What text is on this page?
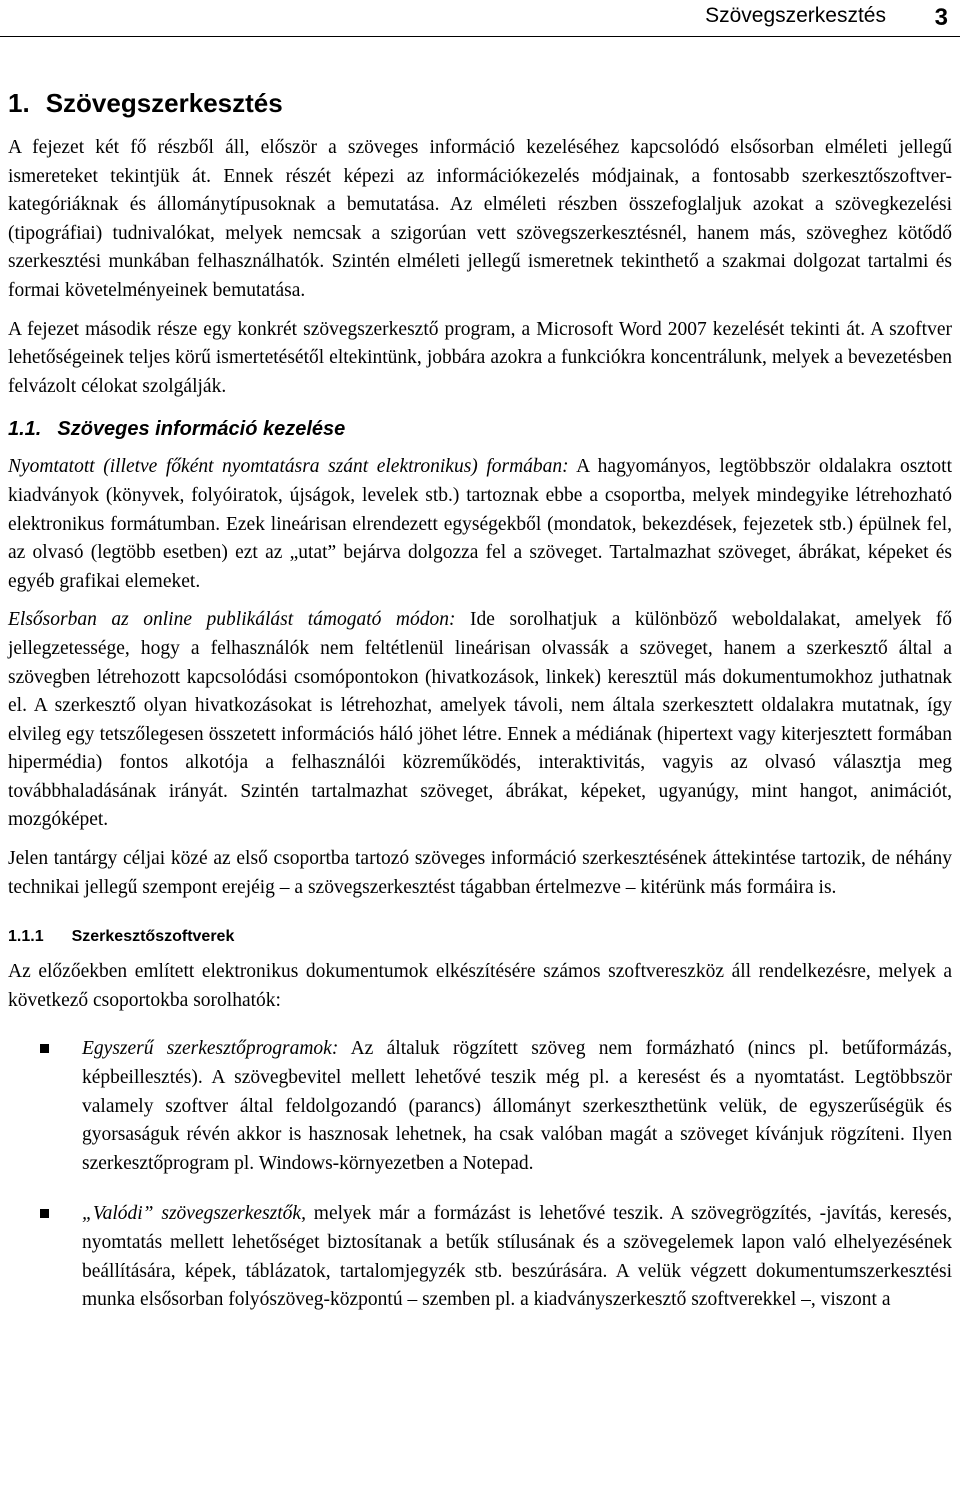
Szövegszerkesztés 3
1. Szövegszerkesztés

A fejezet két fő részből áll, először a szöveges információ kezeléséhez kapcsolódó elsősorban elméleti jellegű ismereteket tekintjük át. Ennek részét képezi az információkezelés módjainak, a fontosabb szerkesztőszoftver-kategóriáknak és állománytípusoknak a bemutatása. Az elméleti részben összefoglaljuk azokat a szövegkezelési (tipográfiai) tudnivalókat, melyek nemcsak a szigorúan vett szövegszerkesztésnél, hanem más, szöveghez kötődő szerkesztési munkában felhasználhatók. Szintén elméleti jellegű ismeretnek tekinthető a szakmai dolgozat tartalmi és formai követelményeinek bemutatása.

A fejezet második része egy konkrét szövegszerkesztő program, a Microsoft Word 2007 kezelését tekinti át. A szoftver lehetőségeinek teljes körű ismertetésétől eltekintünk, jobbára azokra a funkciókra koncentrálunk, melyek a bevezetésben felvázolt célokat szolgálják.

1.1. Szöveges információ kezelése

Nyomtatott (illetve főként nyomtatásra szánt elektronikus) formában: A hagyományos, legtöbbször oldalakra osztott kiadványok (könyvek, folyóiratok, újságok, levelek stb.) tartoznak ebbe a csoportba, melyek mindegyike létrehozható elektronikus formátumban. Ezek lineárisan elrendezett egységekből (mondatok, bekezdések, fejezetek stb.) épülnek fel, az olvasó (legtöbb esetben) ezt az „utat” bejárva dolgozza fel a szöveget. Tartalmazhat szöveget, ábrákat, képeket és egyéb grafikai elemeket.

Elsősorban az online publikálást támogató módon: Ide sorolhatjuk a különböző weboldalakat, amelyek fő jellegzetessége, hogy a felhasználók nem feltétlenül lineárisan olvassák a szöveget, hanem a szerkesztő által a szövegben létrehozott kapcsolódási csomópontokon (hivatkozások, linkek) keresztül más dokumentumokhoz juthatnak el. A szerkesztő olyan hivatkozásokat is létrehozhat, amelyek távoli, nem általa szerkesztett oldalakra mutatnak, így elvileg egy tetszőlegesen összetett információs háló jöhet létre. Ennek a médiának (hipertext vagy kiterjesztett formában hipermédia) fontos alkotója a felhasználói közreműködés, interaktivitás, vagyis az olvasó választja meg továbbhaladásának irányát. Szintén tartalmazhat szöveget, ábrákat, képeket, ugyanúgy, mint hangot, animációt, mozgóképet.

Jelen tantárgy céljai közé az első csoportba tartozó szöveges információ szerkesztésének áttekintése tartozik, de néhány technikai jellegű szempont erejéig – a szövegszerkesztést tágabban értelmezve – kitérünk más formáira is.

1.1.1 Szerkesztőszoftverek

Az előzőekben említett elektronikus dokumentumok elkészítésére számos szoftvereszköz áll rendelkezésre, melyek a következő csoportokba sorolhatók:

Egyszerű szerkesztőprogramok: Az általuk rögzített szöveg nem formázható (nincs pl. betűformázás, képbeillesztés). A szövegbevitel mellett lehetővé teszik még pl. a keresést és a nyomtatást. Legtöbbször valamely szoftver által feldolgozandó (parancs) állományt szerkeszthetünk velük, de egyszerűségük és gyorsaságuk révén akkor is hasznosak lehetnek, ha csak valóban magát a szöveget kívánjuk rögzíteni. Ilyen szerkesztőprogram pl. Windows-környezetben a Notepad.
„Valódi” szövegszerkesztők, melyek már a formázást is lehetővé teszik. A szövegrögzítés, -javítás, keresés, nyomtatás mellett lehetőséget biztosítanak a betűk stílusának és a szövegelemek lapon való elhelyezésének beállítására, képek, táblázatok, tartalomjegyzék stb. beszúrására. A velük végzett dokumentumszerkesztési munka elsősorban folyószöveg-központú – szemben pl. a kiadványszerkesztő szoftverekkel –, viszont a
